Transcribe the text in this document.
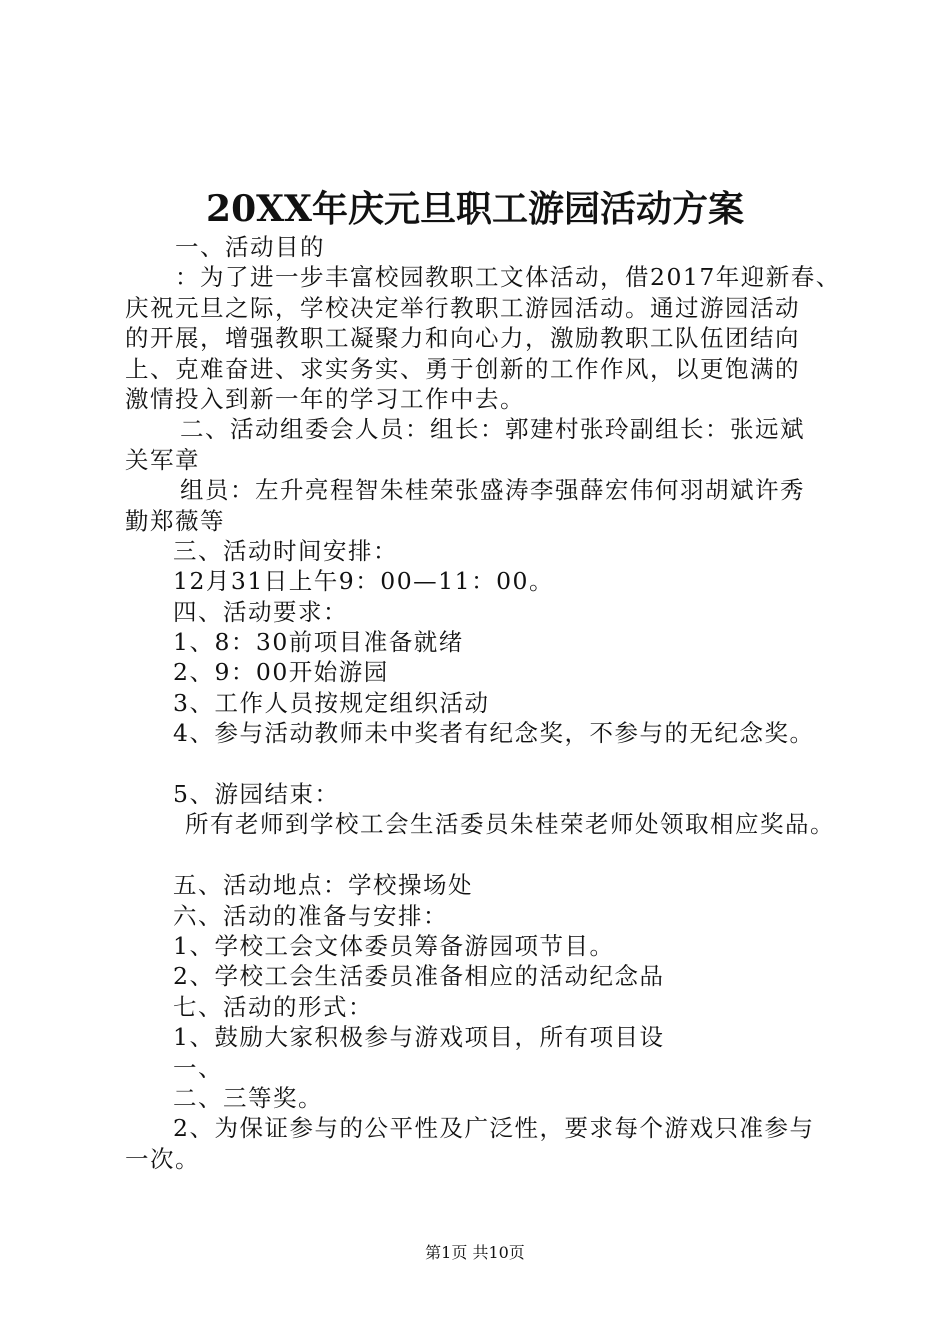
20XX年庆元旦职工游园活动方案
一、活动目的
：为了进一步丰富校园教职工文体活动，借2017年迎新春、
庆祝元旦之际，学校决定举行教职工游园活动。通过游园活动
的开展，增强教职工凝聚力和向心力，激励教职工队伍团结向
上、克难奋进、求实务实、勇于创新的工作作风，以更饱满的
激情投入到新一年的学习工作中去。
二、活动组委会人员：组长：郭建村张玲副组长：张远斌
关军章
组员：左升亮程智朱桂荣张盛涛李强薛宏伟何羽胡斌许秀
勤郑薇等
三、活动时间安排：
12月31日上午9：00—11：00。
四、活动要求：
1、8：30前项目准备就绪
2、9：00开始游园
3、工作人员按规定组织活动
4、参与活动教师未中奖者有纪念奖，不参与的无纪念奖。
5、游园结束：
所有老师到学校工会生活委员朱桂荣老师处领取相应奖品。
五、活动地点：学校操场处
六、活动的准备与安排：
1、学校工会文体委员筹备游园项节目。
2、学校工会生活委员准备相应的活动纪念品
七、活动的形式：
1、鼓励大家积极参与游戏项目，所有项目设
一、
二、三等奖。
2、为保证参与的公平性及广泛性，要求每个游戏只准参与
一次。
第1页 共10页
